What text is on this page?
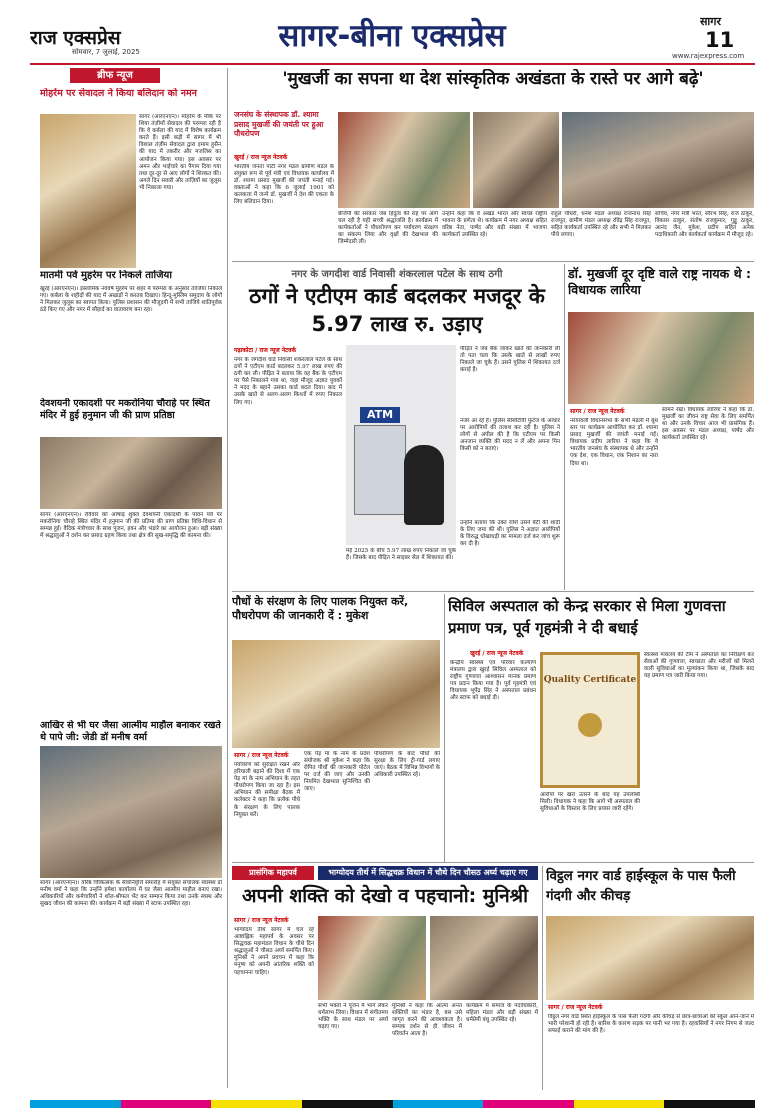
राज एक्सप्रेस
सोमवार, 7 जुलाई, 2025	सागर-बीना एक्सप्रेस	सागर
11
www.rajexpress.com
ब्रीफ न्यूज
मोहर्रम पर सेवादल ने किया बलिदान को नमन
सागर (आरएनएन)। मोहर्रम के मौके पर शिया तंज़ीमों सेवादल की परम्परा रही है कि वे कर्बला की याद में विशेष कार्यक्रम करते हैं। इसी कड़ी में सागर में भी विशाल तंज़ीम सेवादल द्वारा इमाम हुसैन की याद में तकरीर और मजलिस का आयोजन किया गया। इस अवसर पर अमन और भाईचारे का पैगाम दिया गया तथा दूर-दूर से आए लोगों ने शिरकत की। अगले दिन सवारी और ताज़ियों का जुलूस भी निकाला गया।
मातमी पर्व मुहर्रम पर निकले ताजिया
खुरई (आरएनएन)। इस्लामिक नववर्ष मुहर्रम पर शहर में परम्परा के अनुसार ताजिया निकाले गए। कर्बला के शहीदों की याद में अखाड़ों ने करतब दिखाए। हिन्दू-मुस्लिम समुदाय के लोगों ने मिलकर जुलूस का स्वागत किया। पुलिस प्रशासन की मौजूदगी में सभी ताजिये शांतिपूर्वक ठंडे किए गए और नगर में सौहार्द का वातावरण बना रहा।
देवशयनी एकादशी पर मकरोनिया चौराहे पर स्थित मंदिर में हुई हनुमान जी की प्राण प्रतिष्ठा
सागर (आरएनएन)। रविवार को आषाढ़ शुक्ल देवशयनी एकादशी के पावन पर्व पर मकरोनिया चौराहे स्थित मंदिर में हनुमान जी की प्रतिमा की प्राण प्रतिष्ठा विधि-विधान से सम्पन्न हुई। वैदिक मंत्रोच्चार के साथ पूजन, हवन और भंडारे का आयोजन हुआ। बड़ी संख्या में श्रद्धालुओं ने दर्शन कर प्रसाद ग्रहण किया तथा क्षेत्र की सुख-समृद्धि की कामना की।
आखिर से भी घर जैसा आत्मीय माहौल बनाकर रखते थे पापे जी: जेडी डॉ मनीष वर्मा
सागर (आरएनएन)। वरिष्ठ चिकित्सक के सेवानिवृत्ति समारोह में संयुक्त संचालक स्वास्थ्य डॉ मनीष वर्मा ने कहा कि उन्होंने हमेशा कार्यालय में घर जैसा आत्मीय माहौल बनाए रखा। अधिकारियों और कर्मचारियों ने शॉल-श्रीफल भेंट कर सम्मान किया तथा उनके स्वस्थ और सुखद जीवन की कामना की। कार्यक्रम में बड़ी संख्या में स्टाफ उपस्थित रहा।
'मुखर्जी का सपना था देश सांस्कृतिक अखंडता के रास्ते पर आगे बढ़े'
जनसंघ के संस्थापक डॉ. श्यामा प्रसाद मुखर्जी की जयंती पर हुआ पौधरोपण
खुरई / राज न्यूज नेटवर्क
भारतीय जनता पार्टी नगर मंडल ग्रामीण मंडल के संयुक्त रूप से पूर्व मंत्री एवं विधायक कार्यालय में डॉ. श्यामा प्रसाद मुखर्जी की जयंती मनाई गई। वक्ताओं ने कहा कि 6 जुलाई 1901 को कलकत्ता में जन्मे डॉ. मुखर्जी ने देश की एकता के लिए बलिदान दिया।
बीजेपी की सरकार जब हिंदुत्व की राह पर आगे चल रही है यही सच्ची श्रद्धांजलि है। कार्यक्रम में कार्यकर्ताओं ने पौधारोपण कर पर्यावरण संरक्षण का संकल्प लिया और वृक्षों की देखभाल की जिम्मेदारी ली।
उन्होंने कहा कि वे अखंड भारत और स्वच्छ राष्ट्रीय भावना के प्रणेता थे। कार्यक्रम में नगर अध्यक्ष सहित वरिष्ठ नेता, पार्षद और बड़ी संख्या में भाजपा कार्यकर्ता उपस्थित रहे।
राहुल चौधरी, धनेश मंडल अध्यक्ष राजनाथ सिंह राजपूत, ग्रामीण मंडल अध्यक्ष रविंद्र सिंह राजपूत, सहित कार्यकर्ता उपस्थित रहे और सभी ने मिलकर पौधे लगाए।
सचिव, नगर मंत्री भरत, सौरभ सिंह, राज ठाकुर, विकास ठाकुर, संतोष राजकुमार, गुड्डू ठाकुर, आनंद जैन, मुकेश, प्रदीप सहित अनेक पदाधिकारी और कार्यकर्ता कार्यक्रम में मौजूद रहे।
नगर के जगदीश वार्ड निवासी शंकरलाल पटेल के साथ ठगी
ठगों ने एटीएम कार्ड बदलकर मजदूर के 5.97 लाख रु. उड़ाए
गढ़ाकोटा / राज न्यूज नेटवर्क
नगर के जगदीश वार्ड निवासी शंकरलाल पटेल के साथ ठगों ने एटीएम कार्ड बदलकर 5.97 लाख रुपए की ठगी कर ली। पीड़ित ने बताया कि वह बैंक के एटीएम पर पैसे निकालने गया था, जहां मौजूद अज्ञात युवकों ने मदद के बहाने उसका कार्ड बदल दिया। बाद में उसके खाते से अलग-अलग किश्तों में रुपए निकाल लिए गए।
ATM
मई 2025 के बीच 5.97 लाख रुपए निकाले जा चुके हैं। जिसके बाद पीड़ित ने साइबर सेल में शिकायत की।
पीड़ित ने जब बैंक जाकर खाते की जानकारी ली तो पता चला कि उसके खाते से लाखों रुपए निकाले जा चुके हैं। उसने पुलिस में शिकायत दर्ज कराई है।
नजर आ रहे हैं। पुलिस सीसीटीवी फुटेज के आधार पर आरोपियों की तलाश कर रही है। पुलिस ने लोगों से अपील की है कि एटीएम पर किसी अनजान व्यक्ति की मदद न लें और अपना पिन किसी को न बताएं।
उन्होंने बताया कि उक्त राशि उसने बेटी की शादी के लिए जमा की थी। पुलिस ने अज्ञात आरोपियों के विरुद्ध धोखाधड़ी का मामला दर्ज कर जांच शुरू कर दी है।
डॉ. मुखर्जी दूर दृष्टि वाले राष्ट्र नायक थे : विधायक लारिया
सागर / राज न्यूज नेटवर्क
नरयावली विधानसभा के सभी मंडलों में बूथ स्तर पर कार्यक्रम आयोजित कर डॉ. श्यामा प्रसाद मुखर्जी की जयंती मनाई गई। विधायक प्रदीप लारिया ने कहा कि वे भारतीय जनसंघ के संस्थापक थे और उन्होंने एक देश, एक विधान, एक निशान का नारा दिया था।
सामने रखे। विधायक लारिया ने कहा कि डॉ. मुखर्जी का जीवन राष्ट्र सेवा के लिए समर्पित था और उनके विचार आज भी प्रासंगिक हैं। इस अवसर पर मंडल अध्यक्ष, पार्षद और कार्यकर्ता उपस्थित रहे।
पौधों के संरक्षण के लिए पालक नियुक्त करें, पौधरोपण की जानकारी दें : मुकेश
सागर / राज न्यूज नेटवर्क
पर्यावरण को सुरक्षित रखने और हरियाली बढ़ाने की दिशा में एक पेड़ मां के नाम अभियान के तहत पौधरोपण किया जा रहा है। इस अभियान की समीक्षा बैठक में कलेक्टर ने कहा कि प्रत्येक पौधे के संरक्षण के लिए पालक नियुक्त करें।
एक पेड़ मां के नाम के प्रदेश संयोजक श्री मुकेश ने कहा कि रोपित पौधों की जानकारी पोर्टल पर दर्ज की जाए और उनकी नियमित देखभाल सुनिश्चित की जाए।
पौधरोपण के बाद पौधों की सुरक्षा के लिए ट्री-गार्ड लगाए जाएं। बैठक में विभिन्न विभागों के अधिकारी उपस्थित रहे।
सिविल अस्पताल को केन्द्र सरकार से मिला गुणवत्ता प्रमाण पत्र, पूर्व गृहमंत्री ने दी बधाई
खुरई / राज न्यूज नेटवर्क
केन्द्रीय स्वास्थ्य एवं परिवार कल्याण मंत्रालय द्वारा खुरई सिविल अस्पताल को राष्ट्रीय गुणवत्ता आश्वासन मानक प्रमाण पत्र प्रदान किया गया है। पूर्व गृहमंत्री एवं विधायक भूपेंद्र सिंह ने अस्पताल प्रबंधन और स्टाफ को बधाई दी।
Quality Certificate
आरोपों पर खरा उतरने के बाद यह उपलब्धि मिली। विधायक ने कहा कि आगे भी अस्पताल की सुविधाओं के विस्तार के लिए प्रयास जारी रहेंगे।
स्वास्थ्य मंत्रालय की टीम ने अस्पताल का निरीक्षण कर सेवाओं की गुणवत्ता, स्वच्छता और मरीजों को मिलने वाली सुविधाओं का मूल्यांकन किया था, जिसके बाद यह प्रमाण पत्र जारी किया गया।
प्रासंगिक महापर्व	भाग्योदय तीर्थ में सिद्धचक्र विधान में चौथे दिन चौसठ अर्घ्य चढ़ाए गए
अपनी शक्ति को देखो व पहचानो: मुनिश्री
सागर / राज न्यूज नेटवर्क
भाग्योदय तीर्थ सागर में चल रहे आष्टाह्निक महापर्व के अवसर पर सिद्धचक्र महामंडल विधान के चौथे दिन श्रद्धालुओं ने चौसठ अर्घ्य समर्पित किए। मुनिश्री ने अपने प्रवचन में कहा कि मनुष्य को अपनी आंतरिक शक्ति को पहचानना चाहिए।
सभी भक्तों ने पूजन में भाग लेकर धर्मलाभ लिया। विधान में संगीतमय भक्ति के साथ मंडल पर अर्घ्य चढ़ाए गए।
मुनिश्री ने कहा कि आत्मा अनंत शक्तियों का भंडार है, बस उसे जागृत करने की आवश्यकता है। सम्यक दर्शन से ही जीवन में परिवर्तन आता है।
कार्यक्रम में समाज के पदाधिकारी, महिला मंडल और बड़ी संख्या में धर्मप्रेमी बंधु उपस्थित रहे।
विट्ठल नगर वार्ड हाईस्कूल के पास फैली गंदगी और कीचड़
सागर / राज न्यूज नेटवर्क
विट्ठल नगर वार्ड स्थित हाईस्कूल के पास फैली गंदगी और कीचड़ से छात्र-छात्राओं को स्कूल आने-जाने में भारी परेशानी हो रही है। बारिश के कारण सड़क पर पानी भर गया है। रहवासियों ने नगर निगम से जल्द सफाई कराने की मांग की है।
